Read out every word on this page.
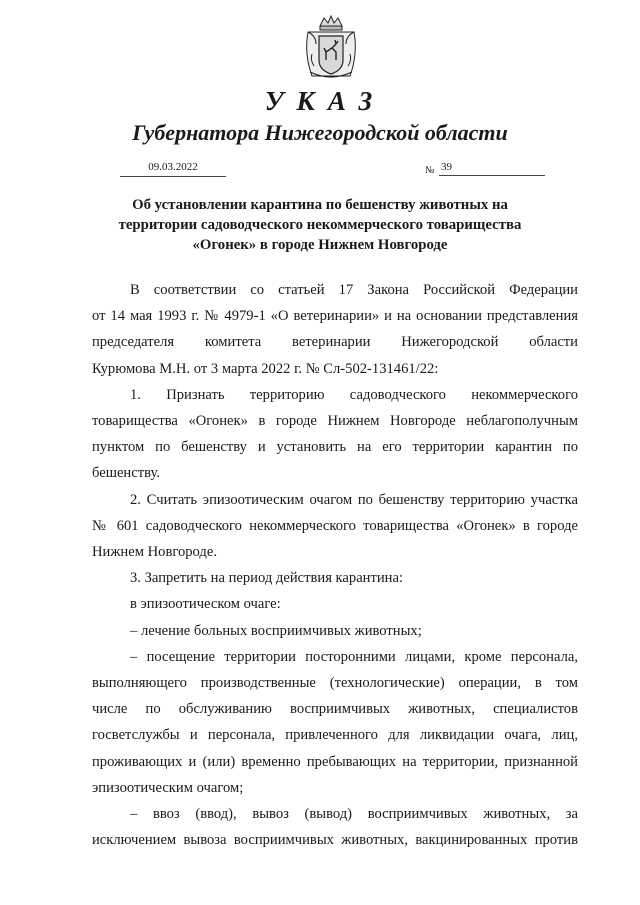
УКАЗ
Губернатора Нижегородской области
09.03.2022	№ 39
Об установлении карантина по бешенству животных на
территории садоводческого некоммерческого товарищества
«Огонек» в городе Нижнем Новгороде
В соответствии со статьей 17 Закона Российской Федерации
от 14 мая 1993 г. № 4979-1 «О ветеринарии» и на основании представления
председателя комитета ветеринарии Нижегородской области
Курюмова М.Н. от 3 марта 2022 г. № Сл-502-131461/22:
1. Признать территорию садоводческого некоммерческого
товарищества «Огонек» в городе Нижнем Новгороде неблагополучным
пунктом по бешенству и установить на его территории карантин по
бешенству.
2. Считать эпизоотическим очагом по бешенству территорию участка
№ 601 садоводческого некоммерческого товарищества «Огонек» в городе
Нижнем Новгороде.
3. Запретить на период действия карантина:
в эпизоотическом очаге:
– лечение больных восприимчивых животных;
– посещение территории посторонними лицами, кроме персонала,
выполняющего производственные (технологические) операции, в том
числе по обслуживанию восприимчивых животных, специалистов
госветслужбы и персонала, привлеченного для ликвидации очага, лиц,
проживающих и (или) временно пребывающих на территории, признанной
эпизоотическим очагом;
– ввоз (ввод), вывоз (вывод) восприимчивых животных, за
исключением вывоза восприимчивых животных, вакцинированных против
